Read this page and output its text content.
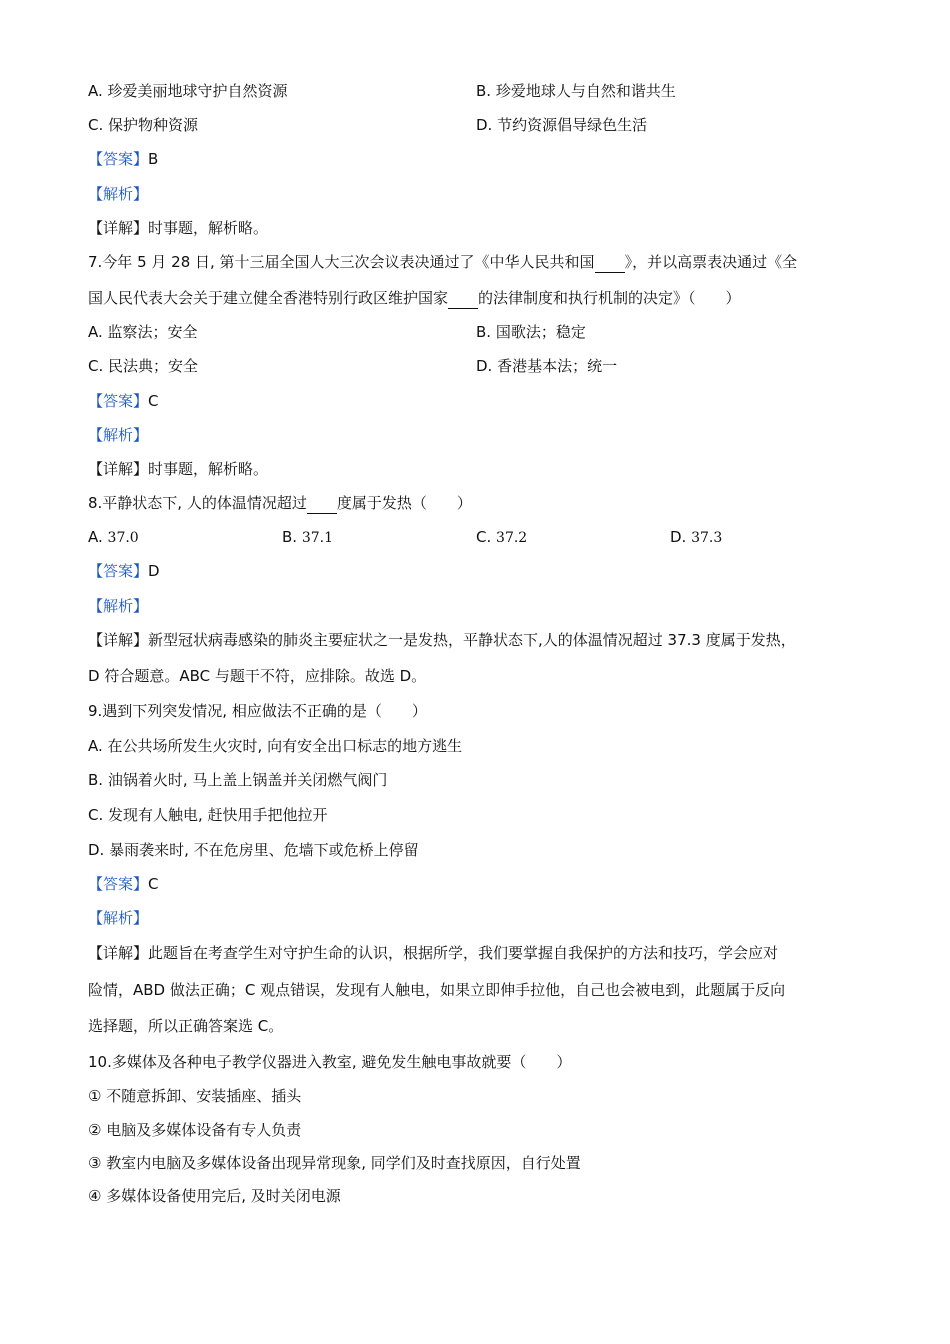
A. 珍爱美丽地球守护自然资源	B. 珍爱地球人与自然和谐共生
C. 保护物种资源	D. 节约资源倡导绿色生活
【答案】B
【解析】
【详解】时事题，解析略。
7.今年 5 月 28 日, 第十三届全国人大三次会议表决通过了《中华人民共和国 》，并以高票表决通过《全
国人民代表大会关于建立健全香港特别行政区维护国家 的法律制度和执行机制的决定》（　　）
A. 监察法；安全	B. 国歌法；稳定
C. 民法典；安全	D. 香港基本法；统一
【答案】C
【解析】
【详解】时事题，解析略。
8.平静状态下, 人的体温情况超过 度属于发热（　　）
A. 37.0	B. 37.1	C. 37.2	D. 37.3
【答案】D
【解析】
【详解】新型冠状病毒感染的肺炎主要症状之一是发热，平静状态下,人的体温情况超过 37.3 度属于发热，
D 符合题意。ABC 与题干不符，应排除。故选 D。
9.遇到下列突发情况, 相应做法不正确的是（　　）
A. 在公共场所发生火灾时, 向有安全出口标志的地方逃生
B. 油锅着火时, 马上盖上锅盖并关闭燃气阀门
C. 发现有人触电, 赶快用手把他拉开
D. 暴雨袭来时, 不在危房里、危墙下或危桥上停留
【答案】C
【解析】
【详解】此题旨在考查学生对守护生命的认识，根据所学，我们要掌握自我保护的方法和技巧，学会应对
险情，ABD 做法正确；C 观点错误，发现有人触电，如果立即伸手拉他，自己也会被电到，此题属于反向
选择题，所以正确答案选 C。
10.多媒体及各种电子教学仪器进入教室, 避免发生触电事故就要（　　）
① 不随意拆卸、安装插座、插头
② 电脑及多媒体设备有专人负责
③ 教室内电脑及多媒体设备出现异常现象, 同学们及时查找原因，自行处置
④ 多媒体设备使用完后, 及时关闭电源
